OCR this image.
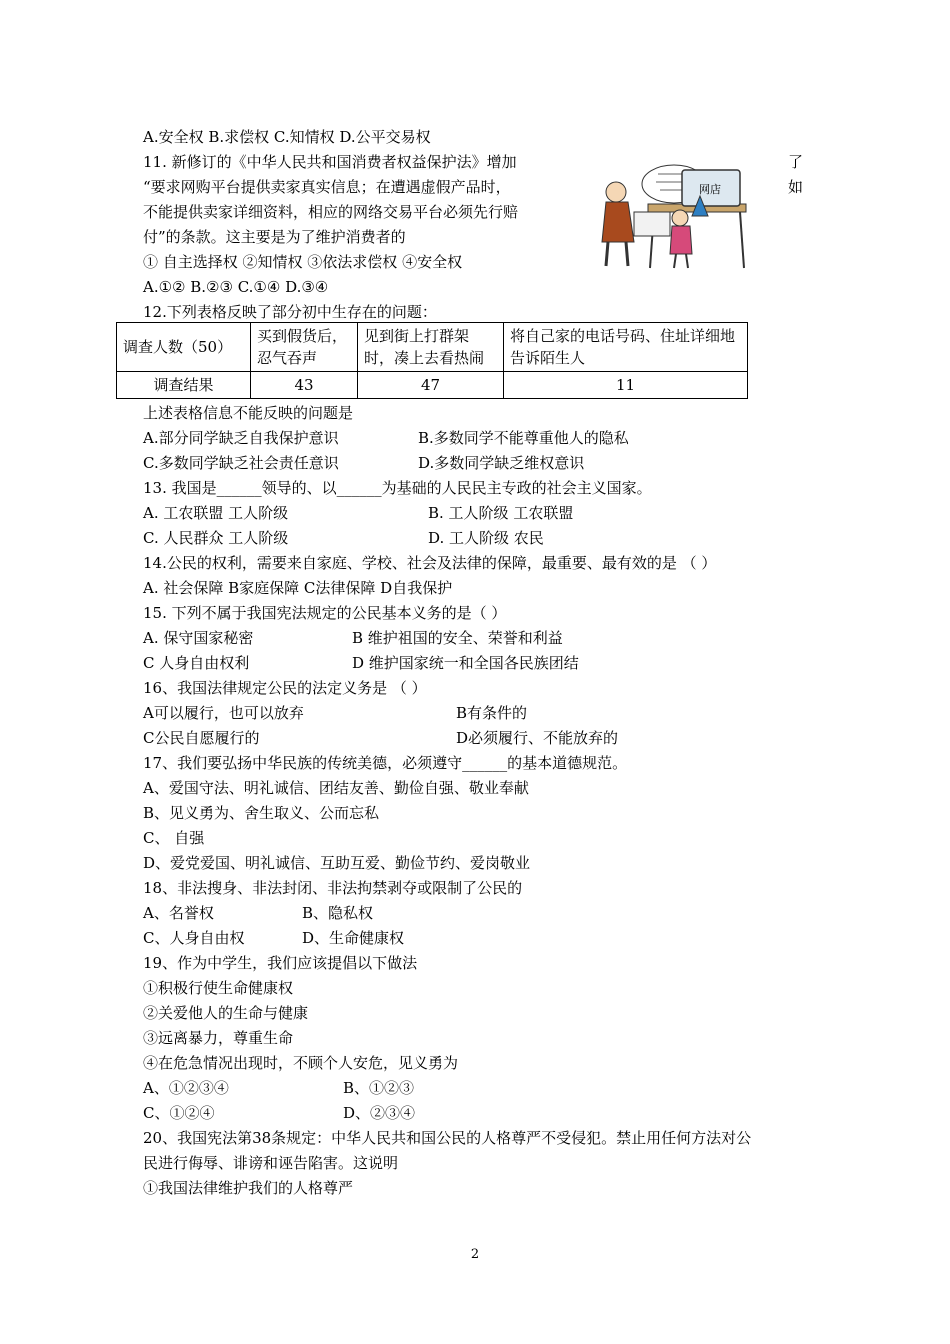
A.安全权 B.求偿权 C.知情权 D.公平交易权
11. 新修订的《中华人民共和国消费者权益保护法》增加	了
“要求网购平台提供卖家真实信息；在遭遇虚假产品时，	如
不能提供卖家详细资料，相应的网络交易平台必须先行赔
付”的条款。这主要是为了维护消费者的
① 自主选择权 ②知情权 ③依法求偿权 ④安全权
A.①② B.②③ C.①④ D.③④
网店
12.下列表格反映了部分初中生存在的问题：
调查人数（50）	买到假货后，忍气吞声	见到街上打群架时，凑上去看热闹	将自己家的电话号码、住址详细地告诉陌生人
调查结果	43	47	11
上述表格信息不能反映的问题是
A.部分同学缺乏自我保护意识	B.多数同学不能尊重他人的隐私
C.多数同学缺乏社会责任意识	D.多数同学缺乏维权意识
13. 我国是______领导的、以______为基础的人民民主专政的社会主义国家。
A. 工农联盟 工人阶级	B. 工人阶级 工农联盟
C. 人民群众 工人阶级	D. 工人阶级 农民
14.公民的权利，需要来自家庭、学校、社会及法律的保障，最重要、最有效的是 （ ）
A. 社会保障 B家庭保障 C法律保障 D自我保护
15. 下列不属于我国宪法规定的公民基本义务的是（ ）
A. 保守国家秘密	B 维护祖国的安全、荣誉和利益
C 人身自由权利	D 维护国家统一和全国各民族团结
16、我国法律规定公民的法定义务是 （ ）
A可以履行，也可以放弃	B有条件的
C公民自愿履行的	D必须履行、不能放弃的
17、我们要弘扬中华民族的传统美德，必须遵守______的基本道德规范。
A、爱国守法、明礼诚信、团结友善、勤俭自强、敬业奉献
B、见义勇为、舍生取义、公而忘私
C、 自强
D、爱党爱国、明礼诚信、互助互爱、勤俭节约、爱岗敬业
18、非法搜身、非法封闭、非法拘禁剥夺或限制了公民的
A、名誉权	B、隐私权
C、人身自由权	D、生命健康权
19、作为中学生，我们应该提倡以下做法
①积极行使生命健康权
②关爱他人的生命与健康
③远离暴力，尊重生命
④在危急情况出现时，不顾个人安危，见义勇为
A、①②③④	B、①②③
C、①②④	D、②③④
20、我国宪法第38条规定：中华人民共和国公民的人格尊严不受侵犯。禁止用任何方法对公
民进行侮辱、诽谤和诬告陷害。这说明
①我国法律维护我们的人格尊严
2
